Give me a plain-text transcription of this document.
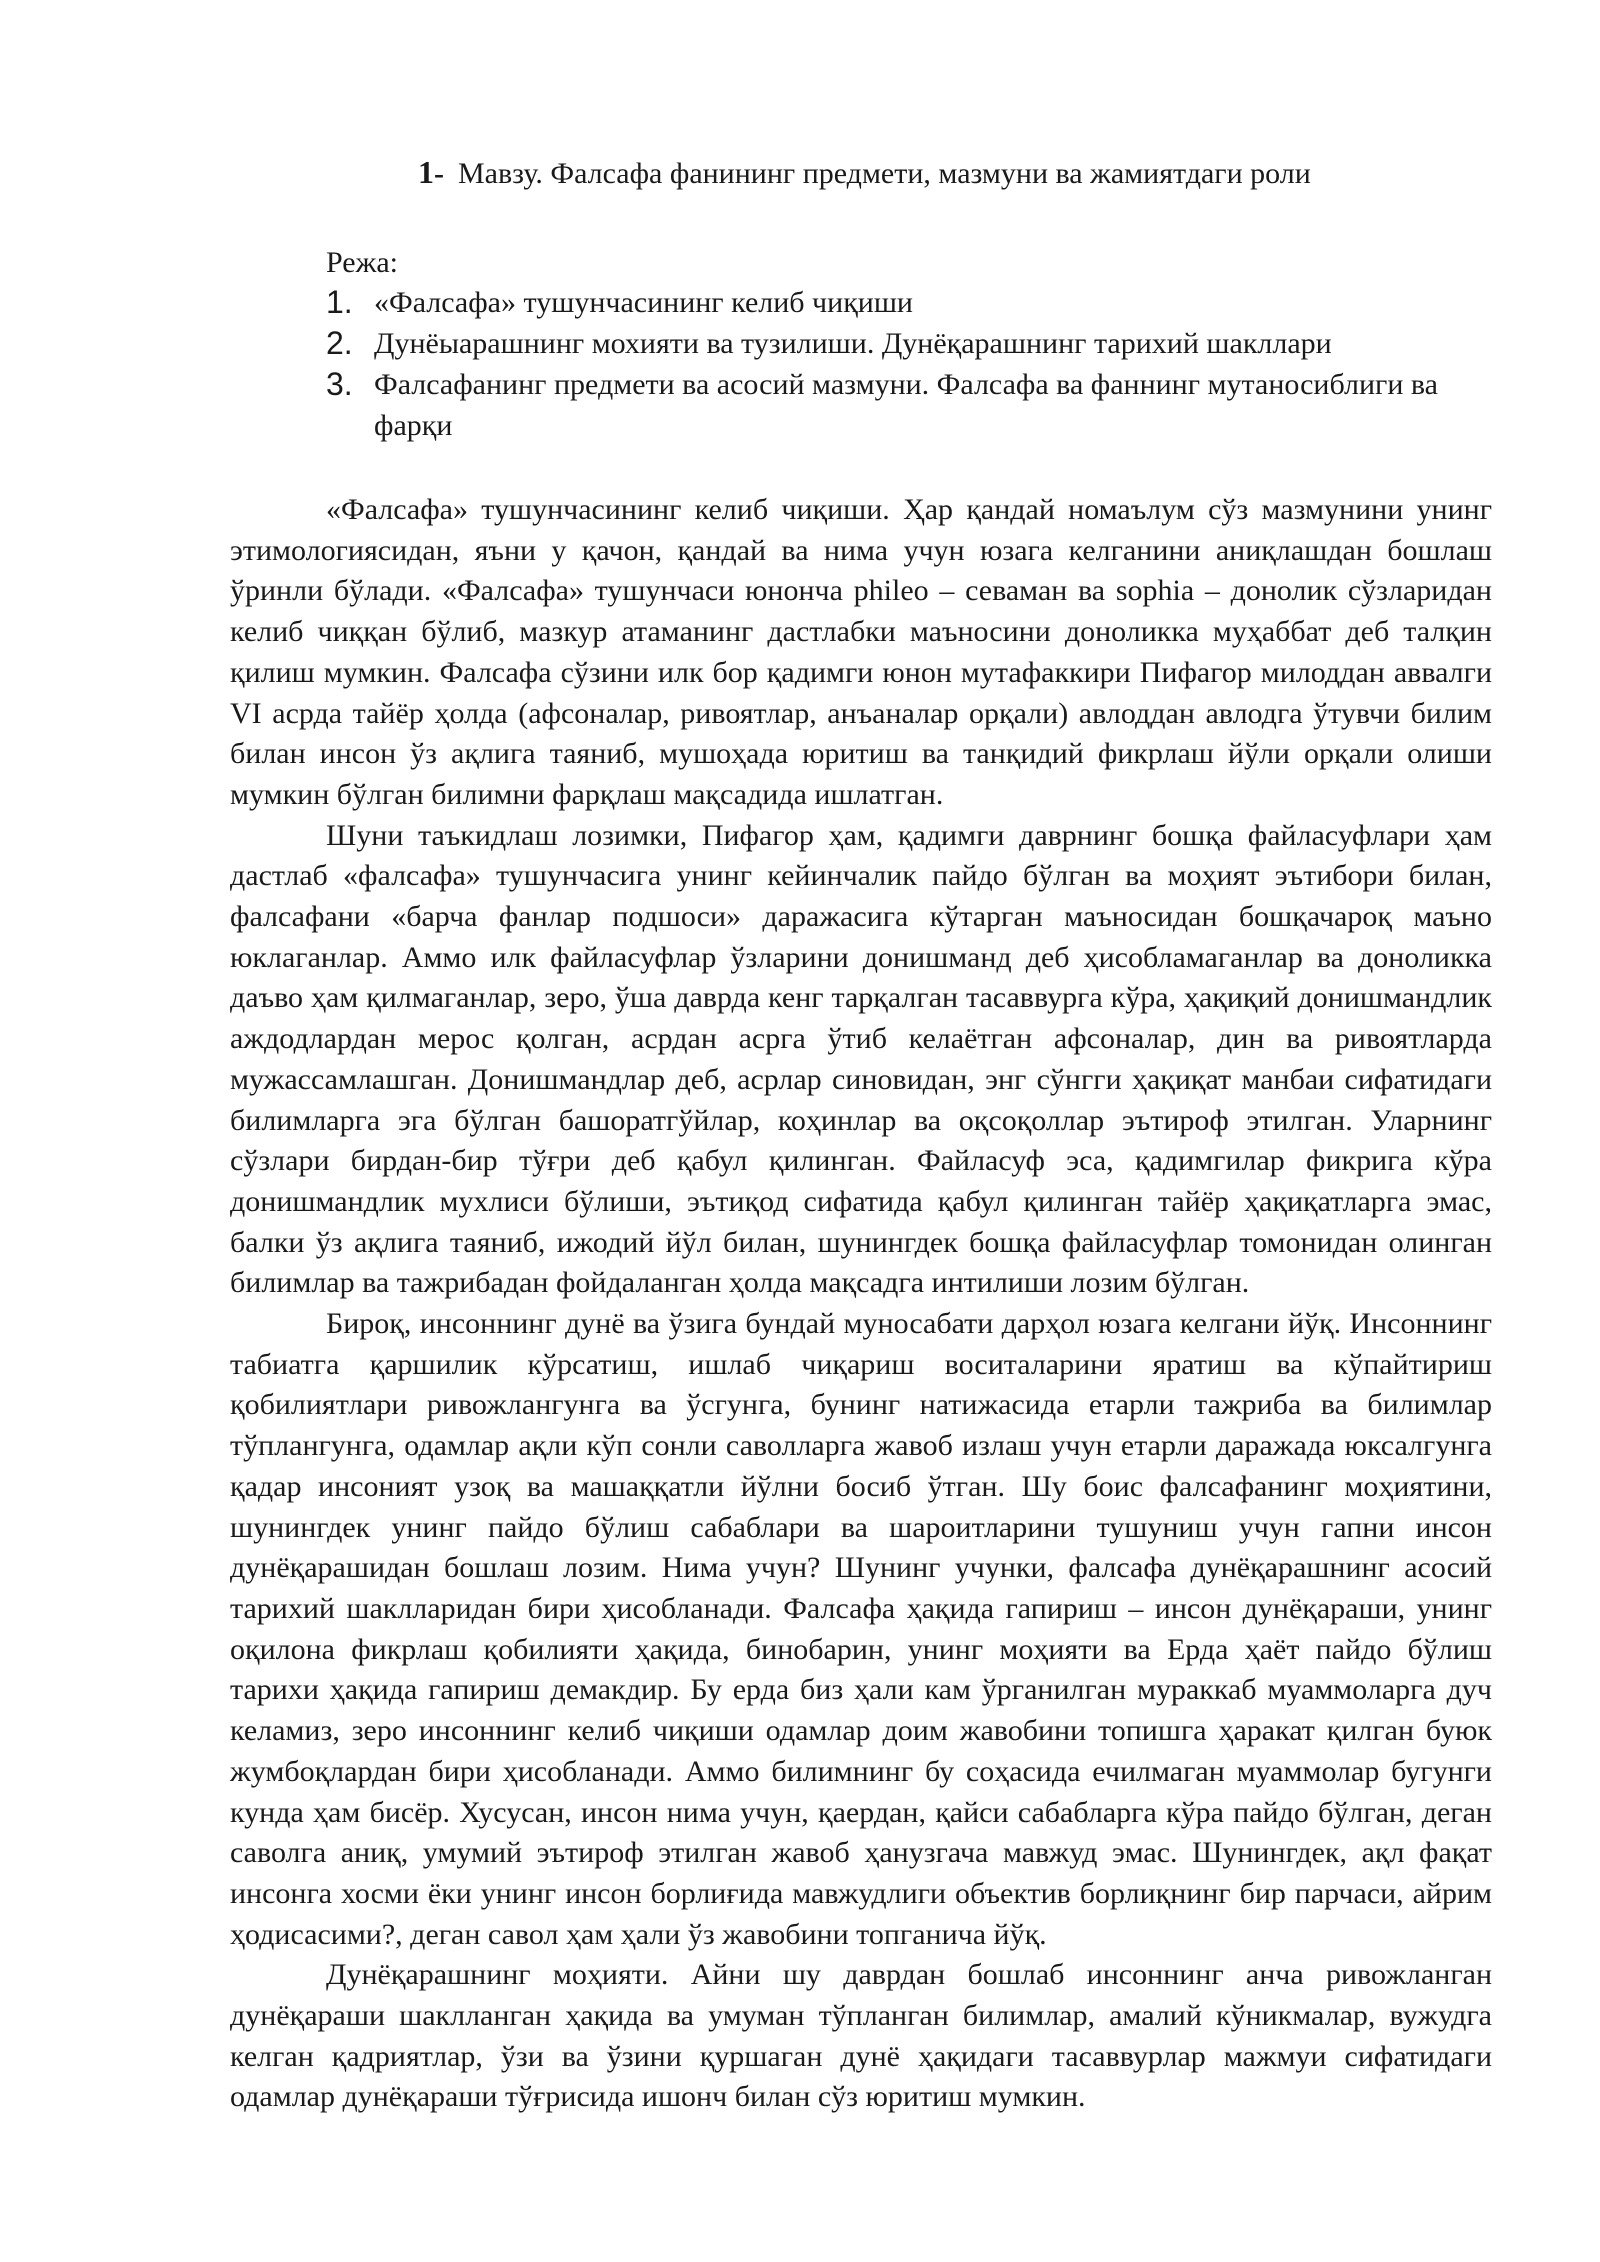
1- Мавзу. Фалсафа фанининг предмети, мазмуни ва жамиятдаги роли
Режа:
1. «Фалсафа» тушунчасининг келиб чиқиши
2. Дунёыарашнинг мохияти ва тузилиши. Дунёқарашнинг тарихий шакллари
3. Фалсафанинг предмети ва асосий мазмуни. Фалсафа ва фаннинг мутаносиблиги ва фарқи

«Фалсафа» тушунчасининг келиб чиқиши. Ҳар қандай номаълум сўз мазмунини унинг этимологиясидан, яъни у қачон, қандай ва нима учун юзага келганини аниқлашдан бошлаш ўринли бўлади. «Фалсафа» тушунчаси юнонча phileo – севаман ва sophia – донолик сўзларидан келиб чиққан бўлиб, мазкур атаманинг дастлабки маъносини доноликка муҳаббат деб талқин қилиш мумкин. Фалсафа сўзини илк бор қадимги юнон мутафаккири Пифагор милоддан аввалги VI асрда тайёр ҳолда (афсоналар, ривоятлар, анъаналар орқали) авлоддан авлодга ўтувчи билим билан инсон ўз ақлига таяниб, мушоҳада юритиш ва танқидий фикрлаш йўли орқали олиши мумкин бўлган билимни фарқлаш мақсадида ишлатган.

Шуни таъкидлаш лозимки, Пифагор ҳам, қадимги даврнинг бошқа файласуфлари ҳам дастлаб «фалсафа» тушунчасига унинг кейинчалик пайдо бўлган ва моҳият эътибори билан, фалсафани «барча фанлар подшоси» даражасига кўтарган маъносидан бошқачароқ маъно юклаганлар. Аммо илк файласуфлар ўзларини донишманд деб ҳисобламаганлар ва доноликка даъво ҳам қилмаганлар, зеро, ўша даврда кенг тарқалган тасаввурга кўра, ҳақиқий донишмандлик аждодлардан мерос қолган, асрдан асрга ўтиб келаётган афсоналар, дин ва ривоятларда мужассамлашган. Донишмандлар деб, асрлар синовидан, энг сўнгги ҳақиқат манбаи сифатидаги билимларга эга бўлган башоратгўйлар, коҳинлар ва оқсоқоллар эътироф этилган. Уларнинг сўзлари бирдан-бир тўғри деб қабул қилинган. Файласуф эса, қадимгилар фикрига кўра донишмандлик мухлиси бўлиши, эътиқод сифатида қабул қилинган тайёр ҳақиқатларга эмас, балки ўз ақлига таяниб, ижодий йўл билан, шунингдек бошқа файласуфлар томонидан олинган билимлар ва тажрибадан фойдаланган ҳолда мақсадга интилиши лозим бўлган.

Бироқ, инсоннинг дунё ва ўзига бундай муносабати дарҳол юзага келгани йўқ. Инсоннинг табиатга қаршилик кўрсатиш, ишлаб чиқариш воситаларини яратиш ва кўпайтириш қобилиятлари ривожлангунга ва ўсгунга, бунинг натижасида етарли тажриба ва билимлар тўплангунга, одамлар ақли кўп сонли саволларга жавоб излаш учун етарли даражада юксалгунга қадар инсоният узоқ ва машаққатли йўлни босиб ўтган. Шу боис фалсафанинг моҳиятини, шунингдек унинг пайдо бўлиш сабаблари ва шароитларини тушуниш учун гапни инсон дунёқарашидан бошлаш лозим. Нима учун? Шунинг учунки, фалсафа дунёқарашнинг асосий тарихий шаклларидан бири ҳисобланади. Фалсафа ҳақида гапириш – инсон дунёқараши, унинг оқилона фикрлаш қобилияти ҳақида, бинобарин, унинг моҳияти ва Ерда ҳаёт пайдо бўлиш тарихи ҳақида гапириш демакдир. Бу ерда биз ҳали кам ўрганилган мураккаб муаммоларга дуч келамиз, зеро инсоннинг келиб чиқиши одамлар доим жавобини топишга ҳаракат қилган буюк жумбоқлардан бири ҳисобланади. Аммо билимнинг бу соҳасида ечилмаган муаммолар бугунги кунда ҳам бисёр. Хусусан, инсон нима учун, қаердан, қайси сабабларга кўра пайдо бўлган, деган саволга аниқ, умумий эътироф этилган жавоб ҳанузгача мавжуд эмас. Шунингдек, ақл фақат инсонга хосми ёки унинг инсон борлиғида мавжудлиги объектив борлиқнинг бир парчаси, айрим ҳодисасими?, деган савол ҳам ҳали ўз жавобини топганича йўқ.

Дунёқарашнинг моҳияти. Айни шу даврдан бошлаб инсоннинг анча ривожланган дунёқараши шаклланган ҳақида ва умуман тўпланган билимлар, амалий кўникмалар, вужудга келган қадриятлар, ўзи ва ўзини қуршаган дунё ҳақидаги тасаввурлар мажмуи сифатидаги одамлар дунёқараши тўғрисида ишонч билан сўз юритиш мумкин.
